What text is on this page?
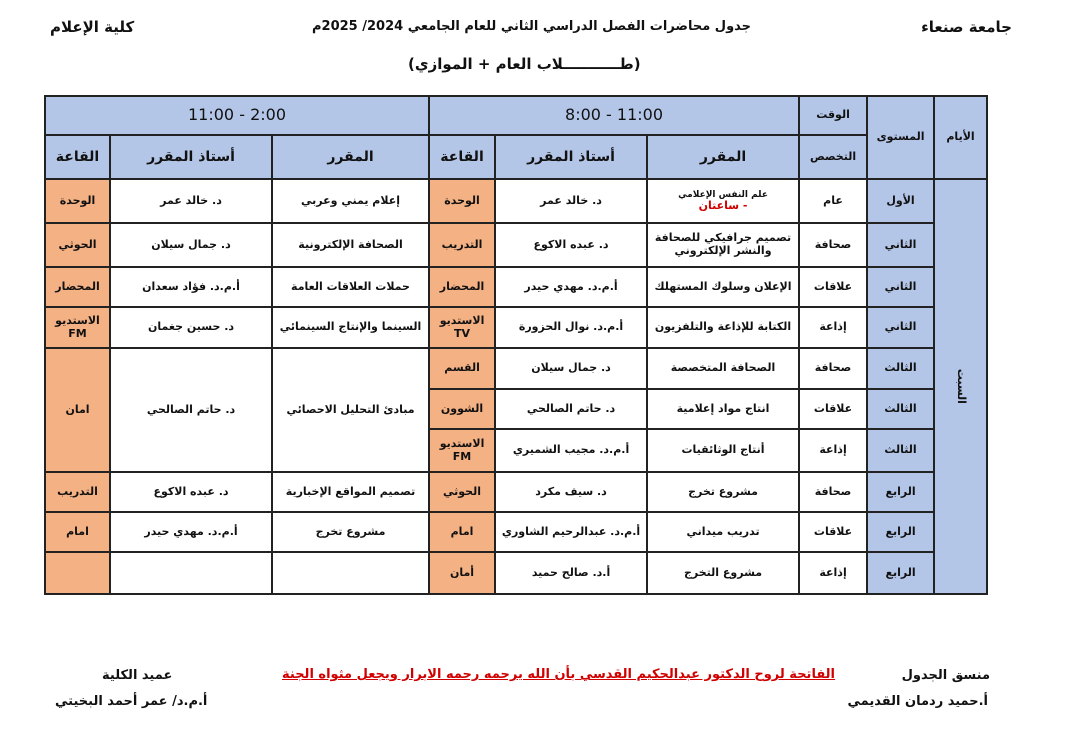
جامعة صنعاء
كلية الإعلام	جدول محاضرات الفصل الدراسي الثاني للعام الجامعي 2024/ 2025م
(طـــــــــــلاب العام + الموازي)
الأيام	المستوى	الوقت	11:00 - 8:00			2:00 - 11:00		
		التخصص	المقرر	أستاذ المقرر	القاعة	المقرر	أستاذ المقرر	القاعة
السبت	الأول	عام	علم النفس الإعلامي
- ساعتان	د. خالد عمر	الوحدة	إعلام يمني وعربي	د. خالد عمر	الوحدة
	الثاني	صحافة	تصميم جرافيكي للصحافة والنشر الإلكتروني	د. عبده الاكوع	التدريب	الصحافة الإلكترونية	د. جمال سيلان	الحوثي
	الثاني	علاقات	الإعلان وسلوك المستهلك	أ.م.د. مهدي حيدر	المحضار	حملات العلاقات العامة	أ.م.د. فؤاد سعدان	المحضار
	الثاني	إذاعة	الكتابة للإذاعة والتلفزيون	أ.م.د. نوال الحزورة	الاستديو TV	السينما والإنتاج السينمائي	د. حسين جغمان	الاستديو FM
	الثالث	صحافة	الصحافة المتخصصة	د. جمال سيلان	القسم	مبادئ التحليل الاحصائي	د. حاتم الصالحي	امان
	الثالث	علاقات	انتاج مواد إعلامية	د. حاتم الصالحي	الشوون			
	الثالث	إذاعة	أنتاج الوثائقيات	أ.م.د. مجيب الشميري	الاستديو FM			
	الرابع	صحافة	مشروع تخرج	د. سيف مكرد	الحوثي	تصميم المواقع الإخبارية	د. عبده الاكوع	التدريب
	الرابع	علاقات	تدريب ميداني	أ.م.د. عبدالرحيم الشاوري	امام	مشروع تخرج	أ.م.د. مهدي حيدر	امام
	الرابع	إذاعة	مشروع التخرج	أ.د. صالح حميد	أمان			
منسق الجدول
أ.حميد ردمان القديمي
عميد الكلية
أ.م.د/ عمر أحمد البخيتي
الفاتحة لروح الدكتور عبدالحكيم القدسي بأن الله يرحمه رحمه الابرار ويجعل مثواه الجنة
